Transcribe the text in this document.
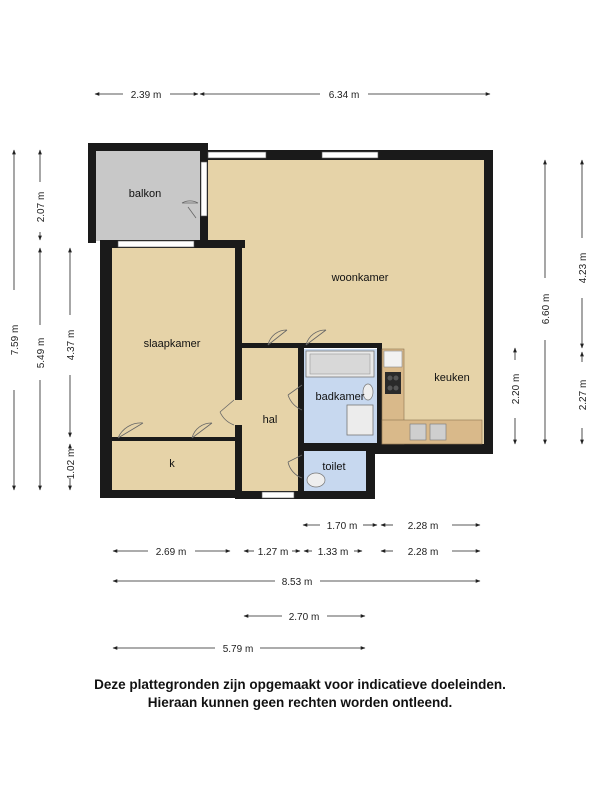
balkon
woonkamer
slaapkamer
keuken
badkamer
hal
toilet
k
2.39 m	6.34 m
7.59 m
2.07 m
5.49 m 4.37 m
1.02 m
2.20 m
6.60 m
4.23 m
2.27 m
1.70 m	2.28 m
2.69 m	1.27 m	1.33 m	2.28 m
8.53 m
2.70 m
5.79 m
Deze plattegronden zijn opgemaakt voor indicatieve doeleinden.
Hieraan kunnen geen rechten worden ontleend.
